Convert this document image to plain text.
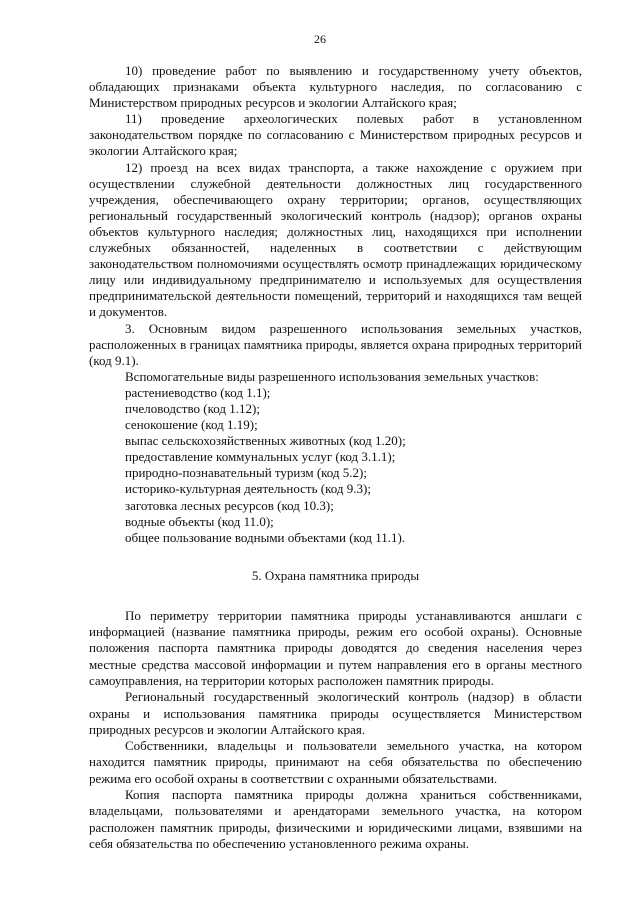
26

10) проведение работ по выявлению и государственному учету объектов, обладающих признаками объекта культурного наследия, по согласованию с Министерством природных ресурсов и экологии Алтайского края;

11) проведение археологических полевых работ в установленном законодательством порядке по согласованию с Министерством природных ресурсов и экологии Алтайского края;

12) проезд на всех видах транспорта, а также нахождение с оружием при осуществлении служебной деятельности должностных лиц государственного учреждения, обеспечивающего охрану территории; органов, осуществляющих региональный государственный экологический контроль (надзор); органов охраны объектов культурного наследия; должностных лиц, находящихся при исполнении служебных обязанностей, наделенных в соответствии с действующим законодательством полномочиями осуществлять осмотр принадлежащих юридическому лицу или индивидуальному предпринимателю и используемых для осуществления предпринимательской деятельности помещений, территорий и находящихся там вещей и документов.

3. Основным видом разрешенного использования земельных участков, расположенных в границах памятника природы, является охрана природных территорий (код 9.1).

Вспомогательные виды разрешенного использования земельных участков:

растениеводство (код 1.1);

пчеловодство (код 1.12);

сенокошение (код 1.19);

выпас сельскохозяйственных животных (код 1.20);

предоставление коммунальных услуг (код 3.1.1);

природно-познавательный туризм (код 5.2);

историко-культурная деятельность (код 9.3);

заготовка лесных ресурсов (код 10.3);

водные объекты (код 11.0);

общее пользование водными объектами (код 11.1).

5. Охрана памятника природы

По периметру территории памятника природы устанавливаются аншлаги с информацией (название памятника природы, режим его особой охраны). Основные положения паспорта памятника природы доводятся до сведения населения через местные средства массовой информации и путем направления его в органы местного самоуправления, на территории которых расположен памятник природы.

Региональный государственный экологический контроль (надзор) в области охраны и использования памятника природы осуществляется Министерством природных ресурсов и экологии Алтайского края.

Собственники, владельцы и пользователи земельного участка, на котором находится памятник природы, принимают на себя обязательства по обеспечению режима его особой охраны в соответствии с охранными обязательствами.

Копия паспорта памятника природы должна храниться собственниками, владельцами, пользователями и арендаторами земельного участка, на котором расположен памятник природы, физическими и юридическими лицами, взявшими на себя обязательства по обеспечению установленного режима охраны.
